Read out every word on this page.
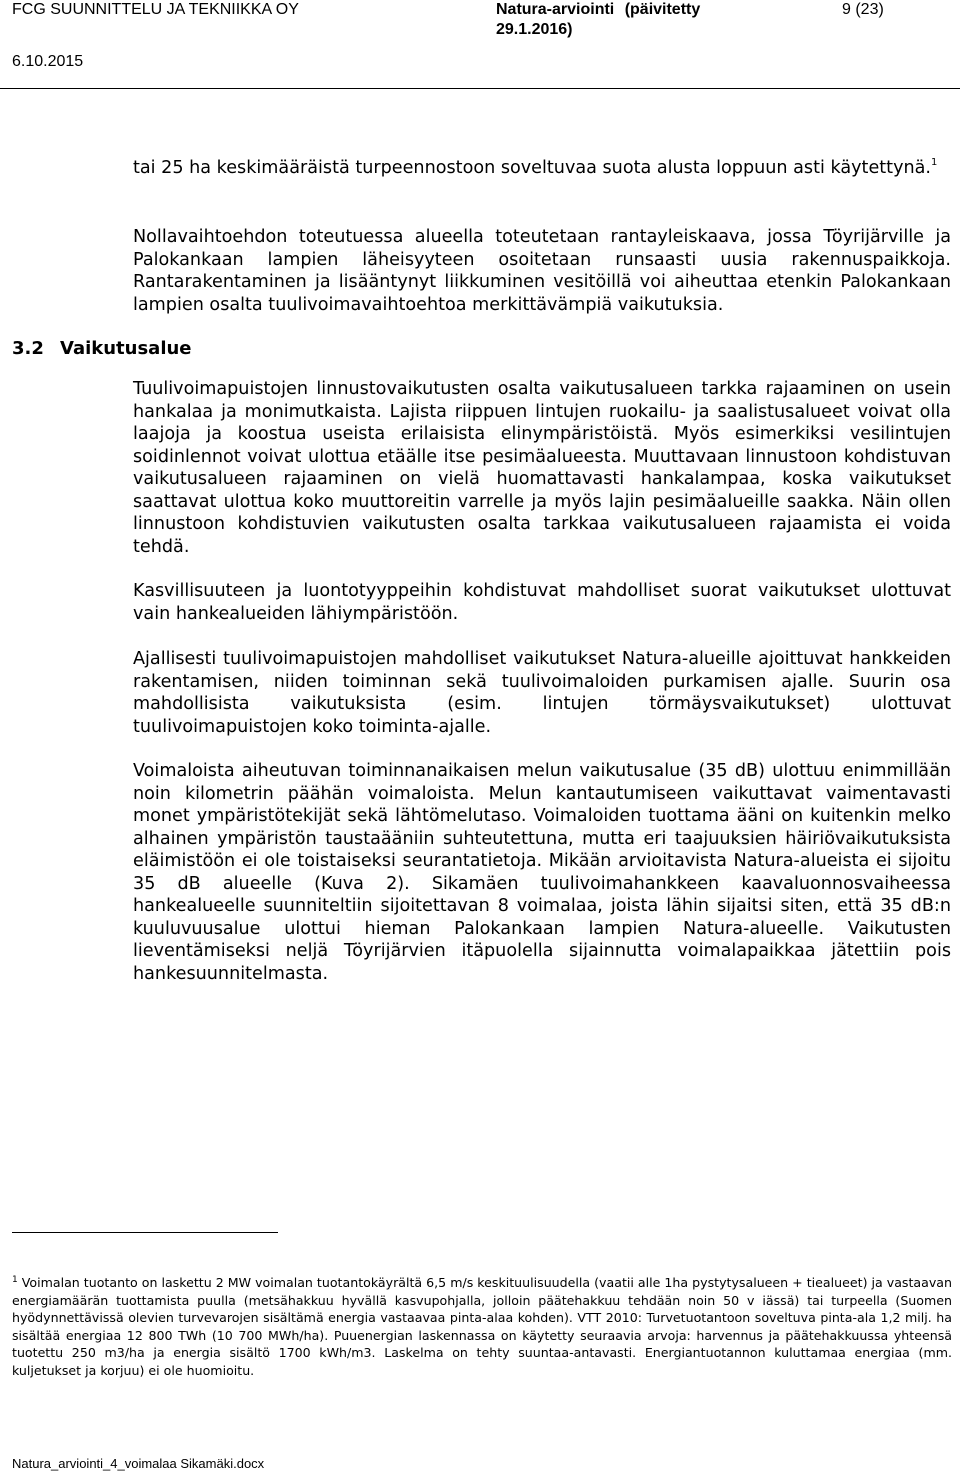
FCG SUUNNITTELU JA TEKNIIKKA OY	Natura-arviointi (päivitetty
29.1.2016)
9 (23)
6.10.2015

tai 25 ha keskimääräistä turpeennostoon soveltuvaa suota alusta loppuun asti käytettynä.$^1$

Nollavaihtoehdon toteutuessa alueella toteutetaan rantayleiskaava, jossa Töyrijärville ja Palokankaan lampien läheisyyteen osoitetaan runsaasti uusia rakennuspaikkoja. Rantarakentaminen ja lisääntynyt liikkuminen vesitöillä voi aiheuttaa etenkin Palokankaan lampien osalta tuulivoimavaihtoehtoa merkittävämpiä vaikutuksia.

3.2 Vaikutusalue

Tuulivoimapuistojen linnustovaikutusten osalta vaikutusalueen tarkka rajaaminen on usein hankalaa ja monimutkaista. Lajista riippuen lintujen ruokailu- ja saalistusalueet voivat olla laajoja ja koostua useista erilaisista elinympäristöistä. Myös esimerkiksi vesilintujen soidinlennot voivat ulottua etäälle itse pesimäalueesta. Muuttavaan linnustoon kohdistuvan vaikutusalueen rajaaminen on vielä huomattavasti hankalampaa, koska vaikutukset saattavat ulottua koko muuttoreitin varrelle ja myös lajin pesimäalueille saakka. Näin ollen linnustoon kohdistuvien vaikutusten osalta tarkkaa vaikutusalueen rajaamista ei voida tehdä.

Kasvillisuuteen ja luontotyyppeihin kohdistuvat mahdolliset suorat vaikutukset ulottuvat vain hankealueiden lähiympäristöön.

Ajallisesti tuulivoimapuistojen mahdolliset vaikutukset Natura-alueille ajoittuvat hankkeiden rakentamisen, niiden toiminnan sekä tuulivoimaloiden purkamisen ajalle. Suurin osa mahdollisista vaikutuksista (esim. lintujen törmäysvaikutukset) ulottuvat tuulivoimapuistojen koko toiminta-ajalle.

Voimaloista aiheutuvan toiminnanaikaisen melun vaikutusalue (35 dB) ulottuu enimmillään noin kilometrin päähän voimaloista. Melun kantautumiseen vaikuttavat vaimentavasti monet ympäristötekijät sekä lähtömelutaso. Voimaloiden tuottama ääni on kuitenkin melko alhainen ympäristön taustaääniin suhteutettuna, mutta eri taajuuksien häiriövaikutuksista eläimistöön ei ole toistaiseksi seurantatietoja. Mikään arvioitavista Natura-alueista ei sijoitu 35 dB alueelle (Kuva 2). Sikamäen tuulivoimahankkeen kaavaluonnosvaiheessa hankealueelle suunniteltiin sijoitettavan 8 voimalaa, joista lähin sijaitsi siten, että 35 dB:n kuuluvuusalue ulottui hieman Palokankaan lampien Natura-alueelle. Vaikutusten lieventämiseksi neljä Töyrijärvien itäpuolella sijainnutta voimalapaikkaa jätettiin pois hankesuunnitelmasta.

$^1$ Voimalan tuotanto on laskettu 2 MW voimalan tuotantokäyrältä 6,5 m/s keskituulisuudella (vaatii alle 1ha pystytysalueen + tiealueet) ja vastaavan energiamäärän tuottamista puulla (metsähakkuu hyvällä kasvupohjalla, jolloin päätehakkuu tehdään noin 50 v iässä) tai turpeella (Suomen hyödynnettävissä olevien turvevarojen sisältämä energia vastaavaa pinta-alaa kohden). VTT 2010: Turvetuotantoon soveltuva pinta-ala 1,2 milj. ha sisältää energiaa 12 800 TWh (10 700 MWh/ha). Puuenergian laskennassa on käytetty seuraavia arvoja: harvennus ja päätehakkuussa yhteensä tuotettu 250 m3/ha ja energia sisältö 1700 kWh/m3. Laskelma on tehty suuntaa-antavasti. Energiantuotannon kuluttamaa energiaa (mm. kuljetukset ja korjuu) ei ole huomioitu.

Natura_arviointi_4_voimalaa Sikamäki.docx
